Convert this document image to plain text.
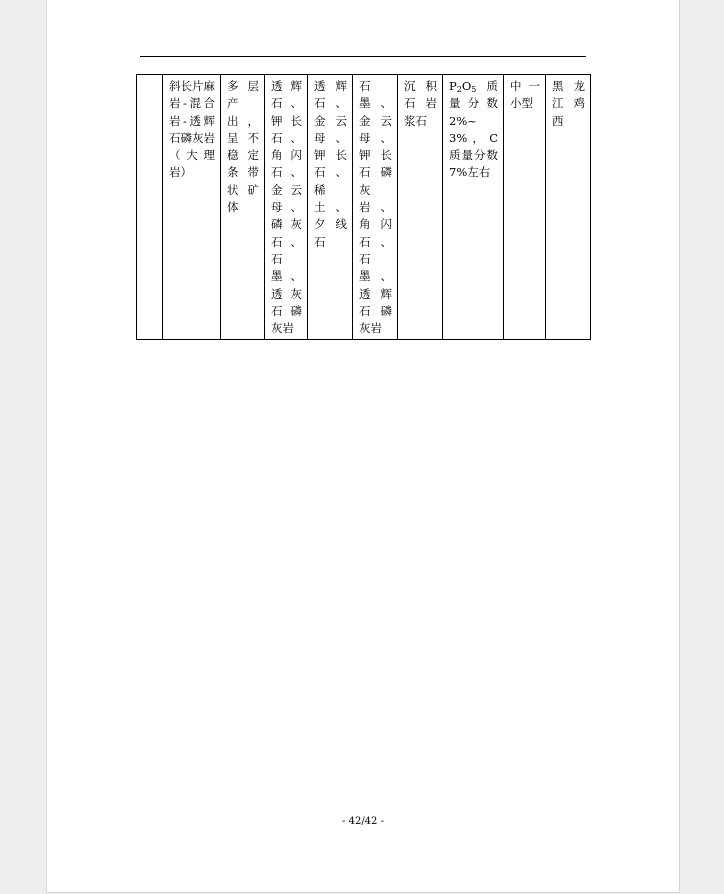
	斜长片麻岩-混合岩-透辉石磷灰岩（大理岩）	多层产出，呈不稳定条带状矿体	透辉石、钾长石、角闪石、金云母、磷灰石、石墨、透灰石磷灰岩	透辉石、金云母、钾长石、稀土、夕线石	石墨、金云母、钾长石磷灰岩、角闪石、石墨、透辉石磷灰岩	沉积石岩浆石	$P_2O_5$ 质量分数 2%~3%，C 质量分数 7%左右	中一小型	黑龙江鸡西
- 42/42 -
